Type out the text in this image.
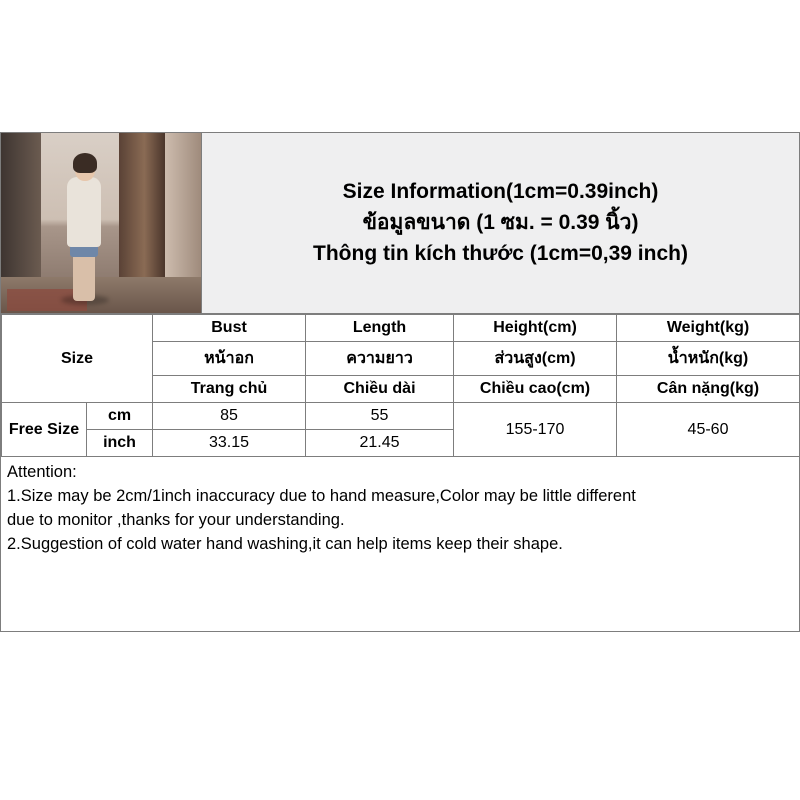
Size Information(1cm=0.39inch)
ข้อมูลขนาด (1 ซม. = 0.39 นิ้ว)
Thông tin kích thước (1cm=0,39 inch)
Size		Bust	Length	Height(cm)	Weight(kg)
		หน้าอก	ความยาว	ส่วนสูง(cm)	น้ำหนัก(kg)
		Trang chủ	Chiều dài	Chiều cao(cm)	Cân nặng(kg)
Free Size	cm	85	55	155-170	45-60
	inch	33.15	21.45		
Attention:
1.Size may be 2cm/1inch inaccuracy due to hand measure,Color may be little different
due to monitor ,thanks for your understanding.
2.Suggestion of cold water hand washing,it can help items keep their shape.
